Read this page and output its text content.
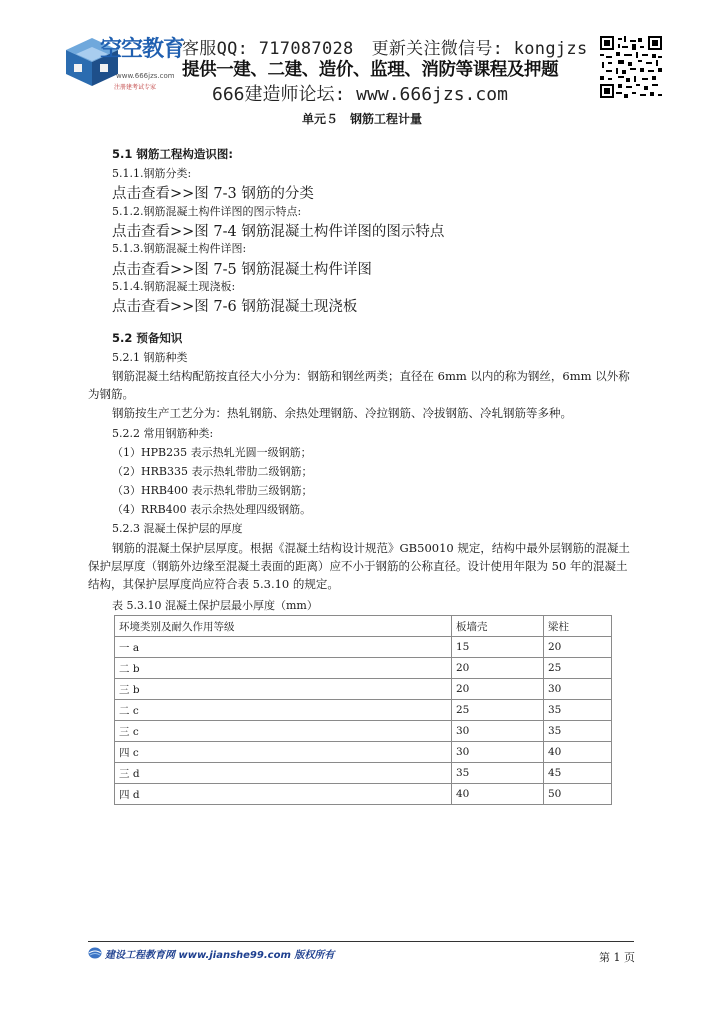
空空教育
www.666jzs.com
注册建考试专家
客服QQ: 717087028 更新关注微信号: kongjzs
提供一建、二建、造价、监理、消防等课程及押题
666建造师论坛: www.666jzs.com
单元５　钢筋工程计量
5.1 钢筋工程构造识图:
5.1.1.钢筋分类:
点击查看>>图 7-3 钢筋的分类
5.1.2.钢筋混凝土构件详图的图示特点:
点击查看>>图 7-4 钢筋混凝土构件详图的图示特点
5.1.3.钢筋混凝土构件详图:
点击查看>>图 7-5 钢筋混凝土构件详图
5.1.4.钢筋混凝土现浇板:
点击查看>>图 7-6 钢筋混凝土现浇板
5.2 预备知识
5.2.1 钢筋种类
钢筋混凝土结构配筋按直径大小分为：钢筋和钢丝两类；直径在 6mm 以内的称为钢丝，6mm 以外称为钢筋。
钢筋按生产工艺分为：热轧钢筋、余热处理钢筋、冷拉钢筋、冷拔钢筋、冷轧钢筋等多种。
5.2.2 常用钢筋种类:
（1）HPB235 表示热轧光圆一级钢筋；
（2）HRB335 表示热轧带肋二级钢筋；
（3）HRB400 表示热轧带肋三级钢筋；
（4）RRB400 表示余热处理四级钢筋。
5.2.3 混凝土保护层的厚度
钢筋的混凝土保护层厚度。根据《混凝土结构设计规范》GB50010 规定，结构中最外层钢筋的混凝土保护层厚度（钢筋外边缘至混凝土表面的距离）应不小于钢筋的公称直径。设计使用年限为 50 年的混凝土结构，其保护层厚度尚应符合表 5.3.10 的规定。
表 5.3.10 混凝土保护层最小厚度（mm）
环境类别及耐久作用等级	板墙壳	梁柱
一 a	15	20
二 b	20	25
三 b	20	30
二 c	25	35
三 c	30	35
四 c	30	40
三 d	35	45
四 d	40	50
建设工程教育网 www.jianshe99.com 版权所有	第 1 页
